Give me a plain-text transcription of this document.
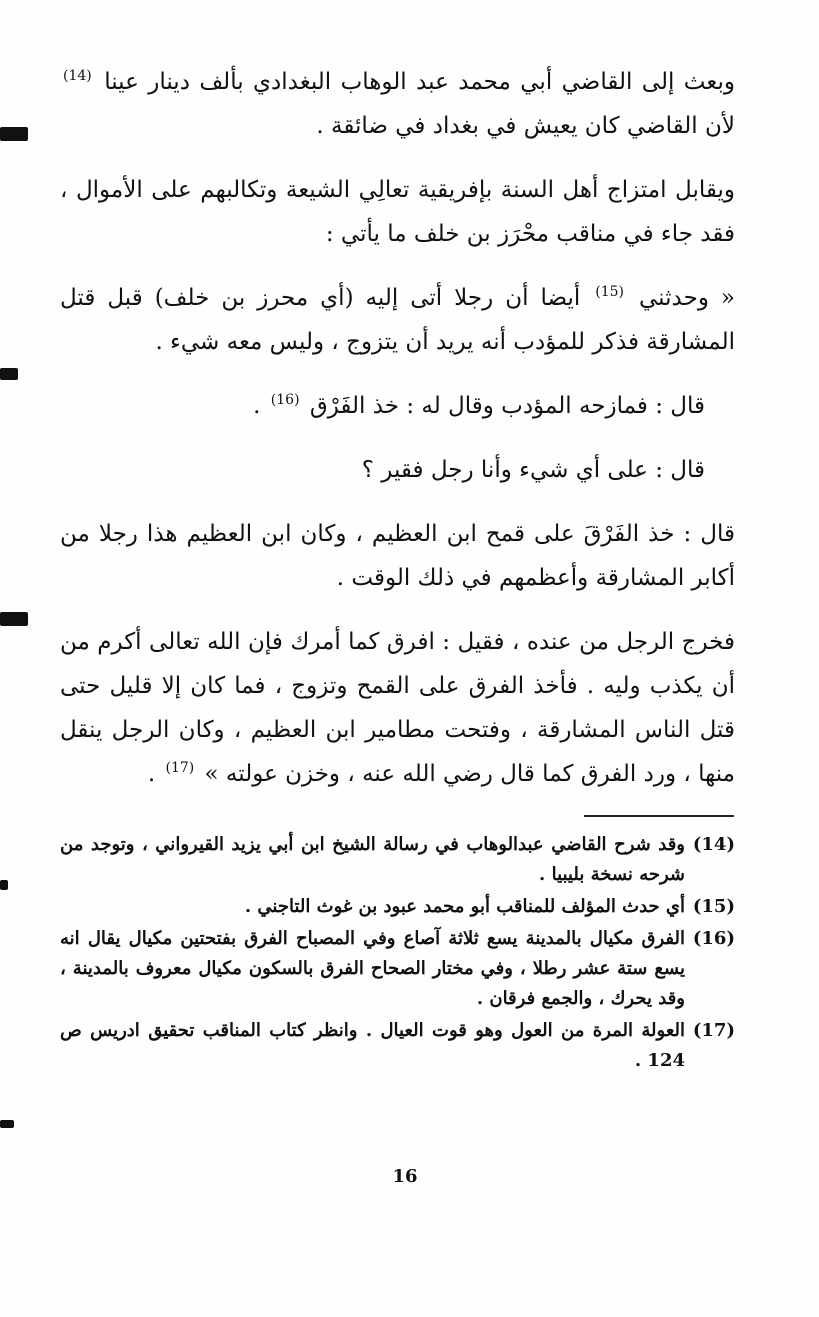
وبعث إلى القاضي أبي محمد عبد الوهاب البغدادي بألف دينار عينا $^{(14)}$ لأن القاضي كان يعيش في بغداد في ضائقة .

ويقابل امتزاج أهل السنة بإفريقية تعالِي الشيعة وتكالبهم على الأموال ، فقد جاء في مناقب محْرَز بن خلف ما يأتي :

« وحدثني $^{(15)}$ أيضا أن رجلا أتى إليه (أي محرز بن خلف) قبل قتل المشارقة فذكر للمؤدب أنه يريد أن يتزوج ، وليس معه شيء .

قال : فمازحه المؤدب وقال له : خذ الفَرْق $^{(16)}$ .

قال : على أي شيء وأنا رجل فقير ؟

قال : خذ الفَرْقَ على قمح ابن العظيم ، وكان ابن العظيم هذا رجلا من أكابر المشارقة وأعظمهم في ذلك الوقت .

فخرج الرجل من عنده ، فقيل : افرق كما أمرك فإن الله تعالى أكرم من أن يكذب وليه . فأخذ الفرق على القمح وتزوج ، فما كان إلا قليل حتى قتل الناس المشارقة ، وفتحت مطامير ابن العظيم ، وكان الرجل ينقل منها ، ورد الفرق كما قال رضي الله عنه ، وخزن عولته » $^{(17)}$ .

(14)
وقد شرح القاضي عبدالوهاب في رسالة الشيخ ابن أبي يزيد القيرواني ، وتوجد من شرحه نسخة بليبيا .
(15)
أي حدث المؤلف للمناقب أبو محمد عبود بن غوث التاجني .
(16)
الفرق مكيال بالمدينة يسع ثلاثة آصاع وفي المصباح الفرق بفتحتين مكيال يقال انه يسع ستة عشر رطلا ، وفي مختار الصحاح الفرق بالسكون مكيال معروف بالمدينة ، وقد يحرك ، والجمع فرقان .
(17)
العولة المرة من العول وهو قوت العيال . وانظر كتاب المناقب تحقيق ادريس ص 124 .
16
